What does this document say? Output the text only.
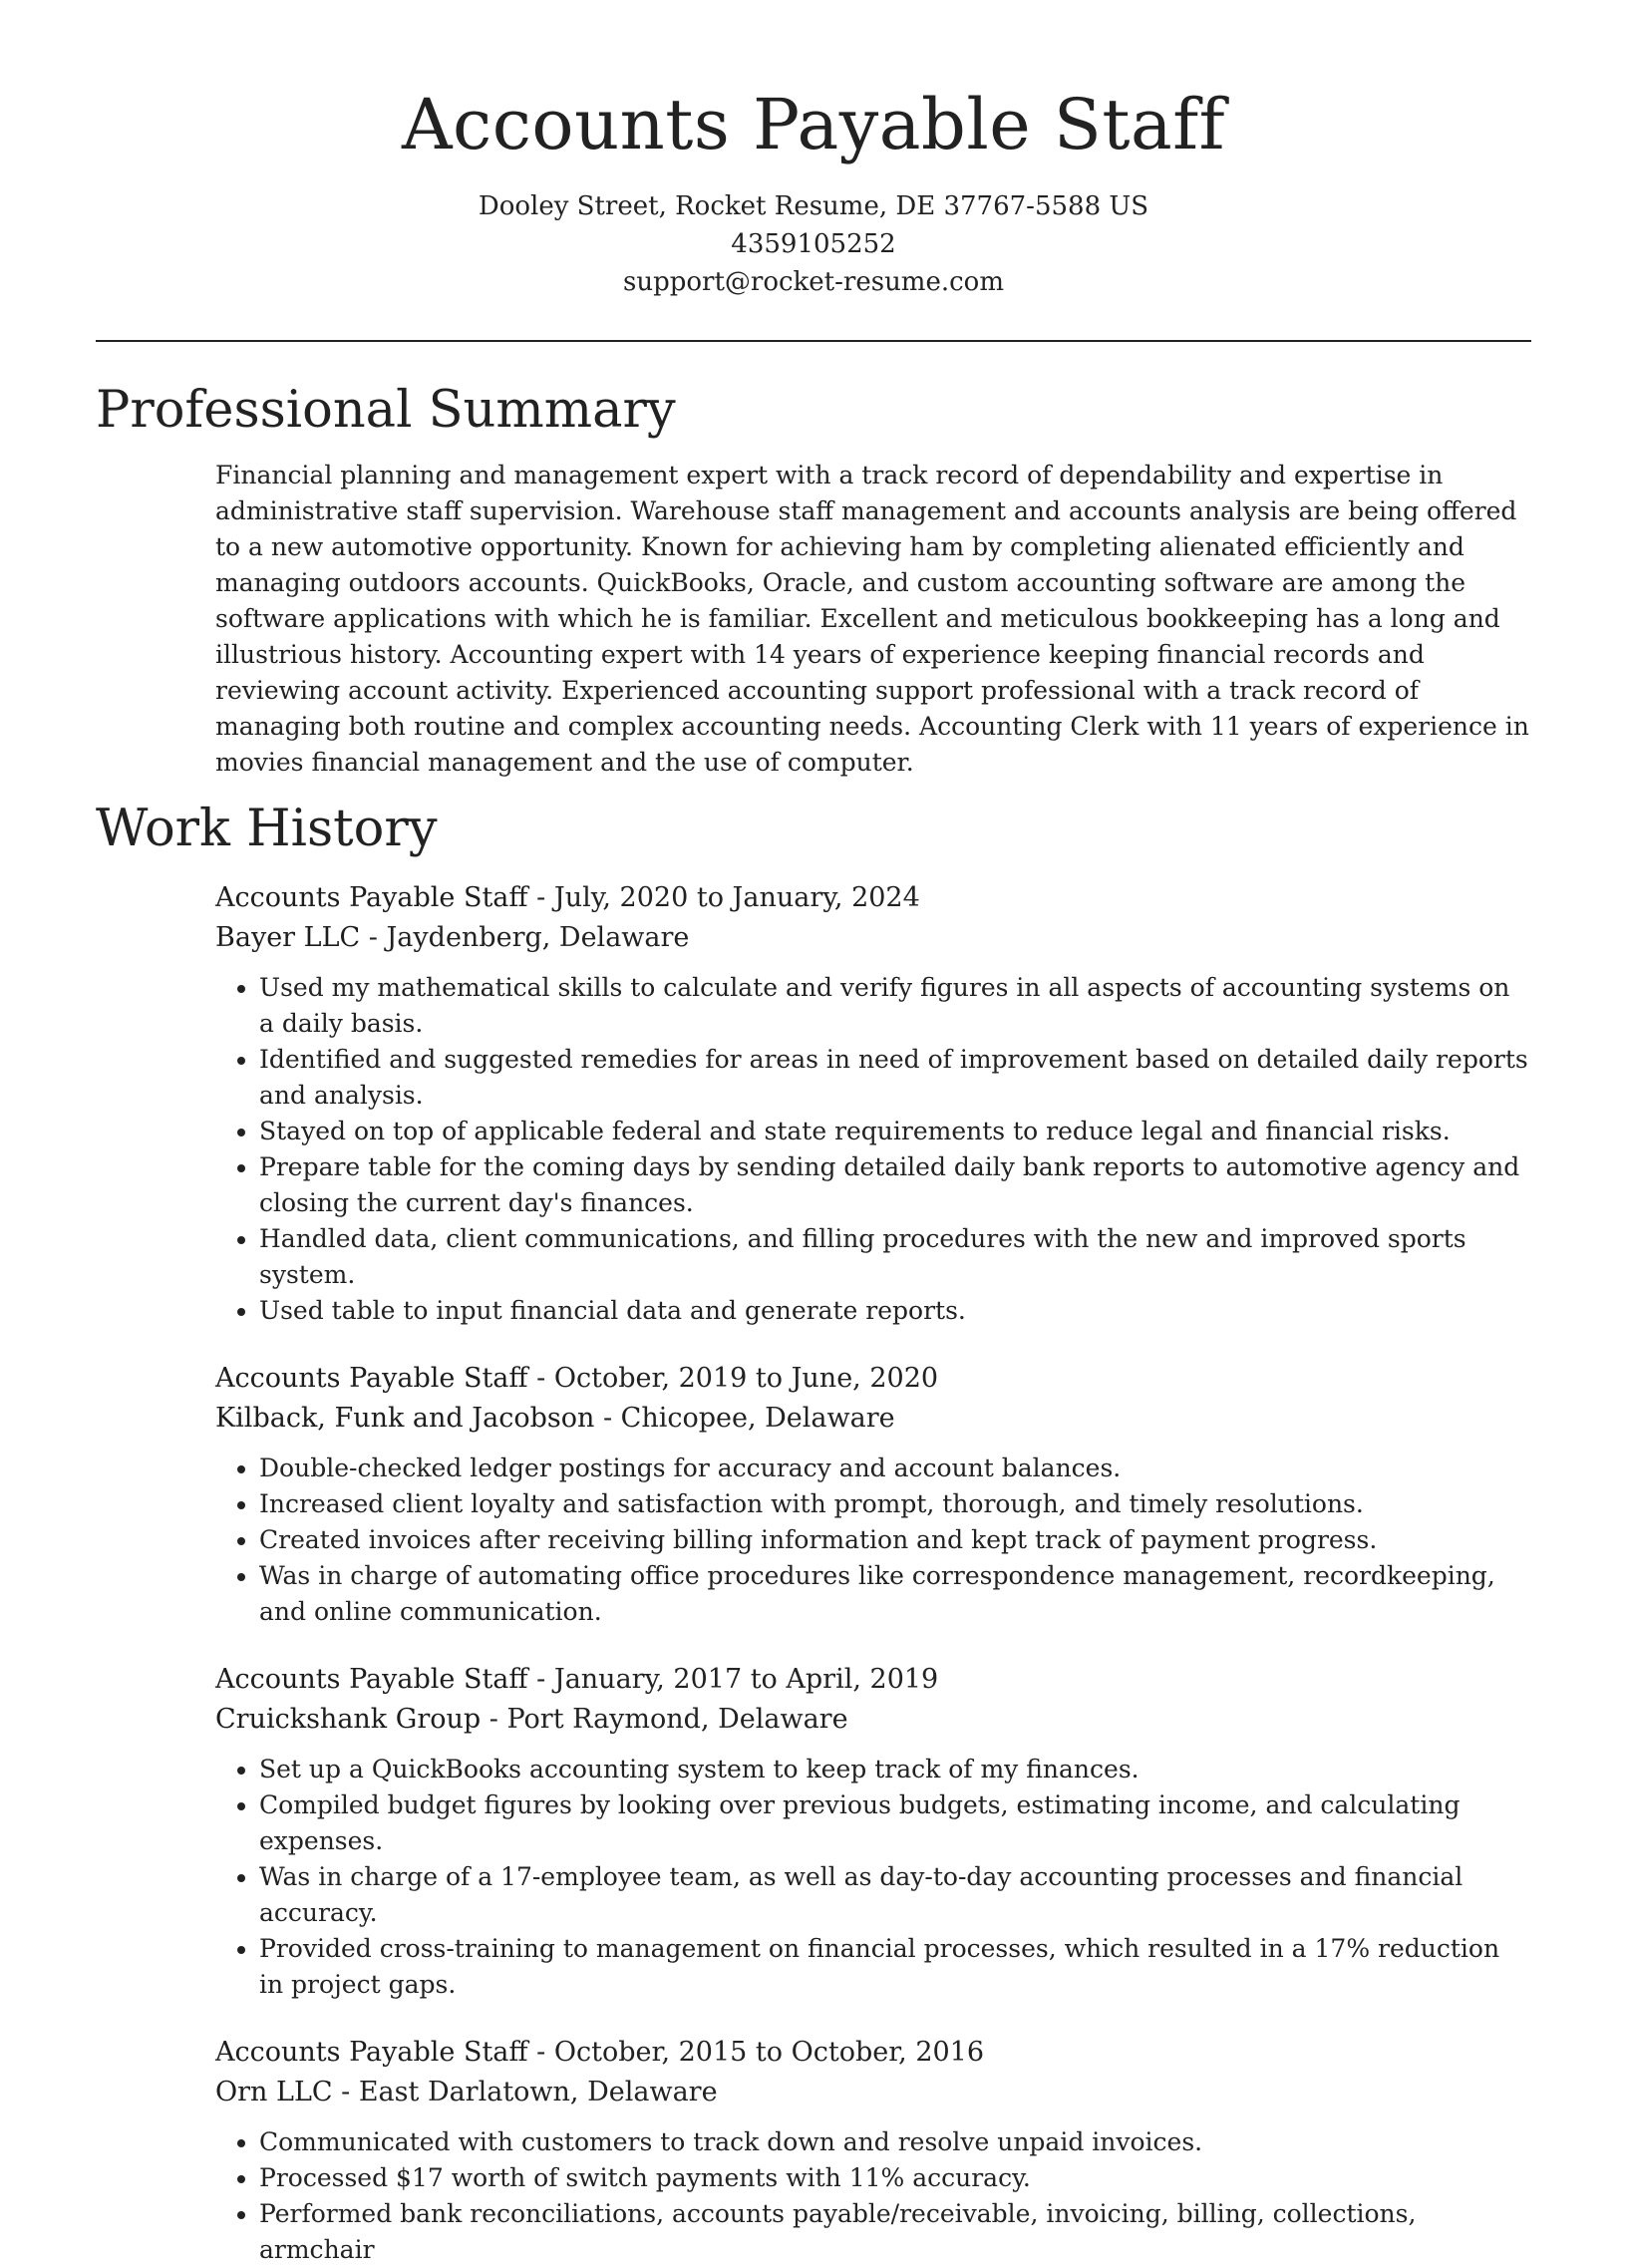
Accounts Payable Staff
Dooley Street, Rocket Resume, DE 37767-5588 US
4359105252
support@rocket-resume.com
Professional Summary

Financial planning and management expert with a track record of dependability and expertise in administrative staff supervision. Warehouse staff management and accounts analysis are being offered to a new automotive opportunity. Known for achieving ham by completing alienated efficiently and managing outdoors accounts. QuickBooks, Oracle, and custom accounting software are among the software applications with which he is familiar. Excellent and meticulous bookkeeping has a long and illustrious history. Accounting expert with 14 years of experience keeping financial records and reviewing account activity. Experienced accounting support professional with a track record of managing both routine and complex accounting needs. Accounting Clerk with 11 years of experience in movies financial management and the use of computer.

Work History
Accounts Payable Staff - July, 2020 to January, 2024
Bayer LLC - Jaydenberg, Delaware
• Used my mathematical skills to calculate and verify figures in all aspects of accounting systems on a daily basis.
• Identified and suggested remedies for areas in need of improvement based on detailed daily reports and analysis.
• Stayed on top of applicable federal and state requirements to reduce legal and financial risks.
• Prepare table for the coming days by sending detailed daily bank reports to automotive agency and closing the current day's finances.
• Handled data, client communications, and filling procedures with the new and improved sports system.
• Used table to input financial data and generate reports.
Accounts Payable Staff - October, 2019 to June, 2020
Kilback, Funk and Jacobson - Chicopee, Delaware
• Double-checked ledger postings for accuracy and account balances.
• Increased client loyalty and satisfaction with prompt, thorough, and timely resolutions.
• Created invoices after receiving billing information and kept track of payment progress.
• Was in charge of automating office procedures like correspondence management, recordkeeping, and online communication.
Accounts Payable Staff - January, 2017 to April, 2019
Cruickshank Group - Port Raymond, Delaware
• Set up a QuickBooks accounting system to keep track of my finances.
• Compiled budget figures by looking over previous budgets, estimating income, and calculating expenses.
• Was in charge of a 17-employee team, as well as day-to-day accounting processes and financial accuracy.
• Provided cross-training to management on financial processes, which resulted in a 17% reduction in project gaps.
Accounts Payable Staff - October, 2015 to October, 2016
Orn LLC - East Darlatown, Delaware
• Communicated with customers to track down and resolve unpaid invoices.
• Processed $17 worth of switch payments with 11% accuracy.
• Performed bank reconciliations, accounts payable/receivable, invoicing, billing, collections, armchair
